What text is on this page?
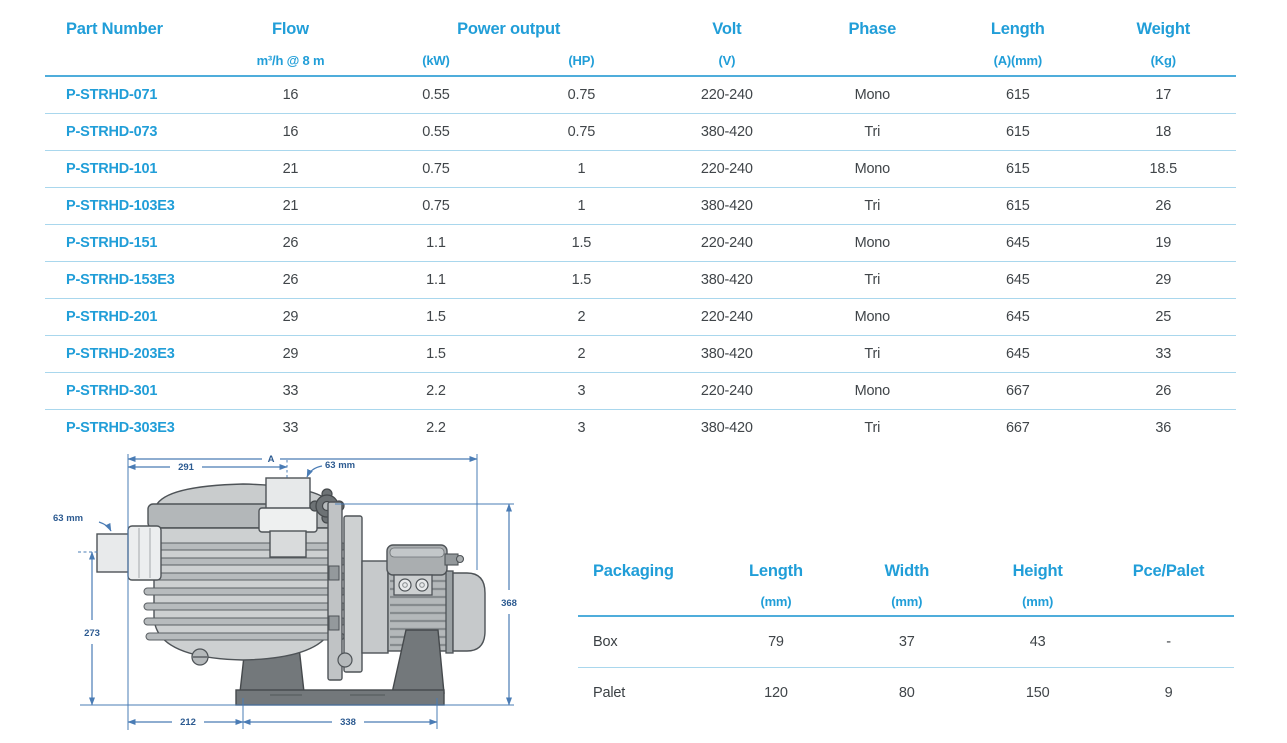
Part Number	Flow	Power output		Volt	Phase	Length	Weight
	m³/h @ 8 m	(kW)	(HP)	(V)		(A)(mm)	(Kg)
P-STRHD-071	16	0.55	0.75	220-240	Mono	615	17
P-STRHD-073	16	0.55	0.75	380-420	Tri	615	18
P-STRHD-101	21	0.75	1	220-240	Mono	615	18.5
P-STRHD-103E3	21	0.75	1	380-420	Tri	615	26
P-STRHD-151	26	1.1	1.5	220-240	Mono	645	19
P-STRHD-153E3	26	1.1	1.5	380-420	Tri	645	29
P-STRHD-201	29	1.5	2	220-240	Mono	645	25
P-STRHD-203E3	29	1.5	2	380-420	Tri	645	33
P-STRHD-301	33	2.2	3	220-240	Mono	667	26
P-STRHD-303E3	33	2.2	3	380-420	Tri	667	36
Packaging	Length	Width	Height	Pce/Palet
	(mm)	(mm)	(mm)	
Box	79	37	43	-
Palet	120	80	150	9
A
291	63 mm
63 mm
273
368
212	338
